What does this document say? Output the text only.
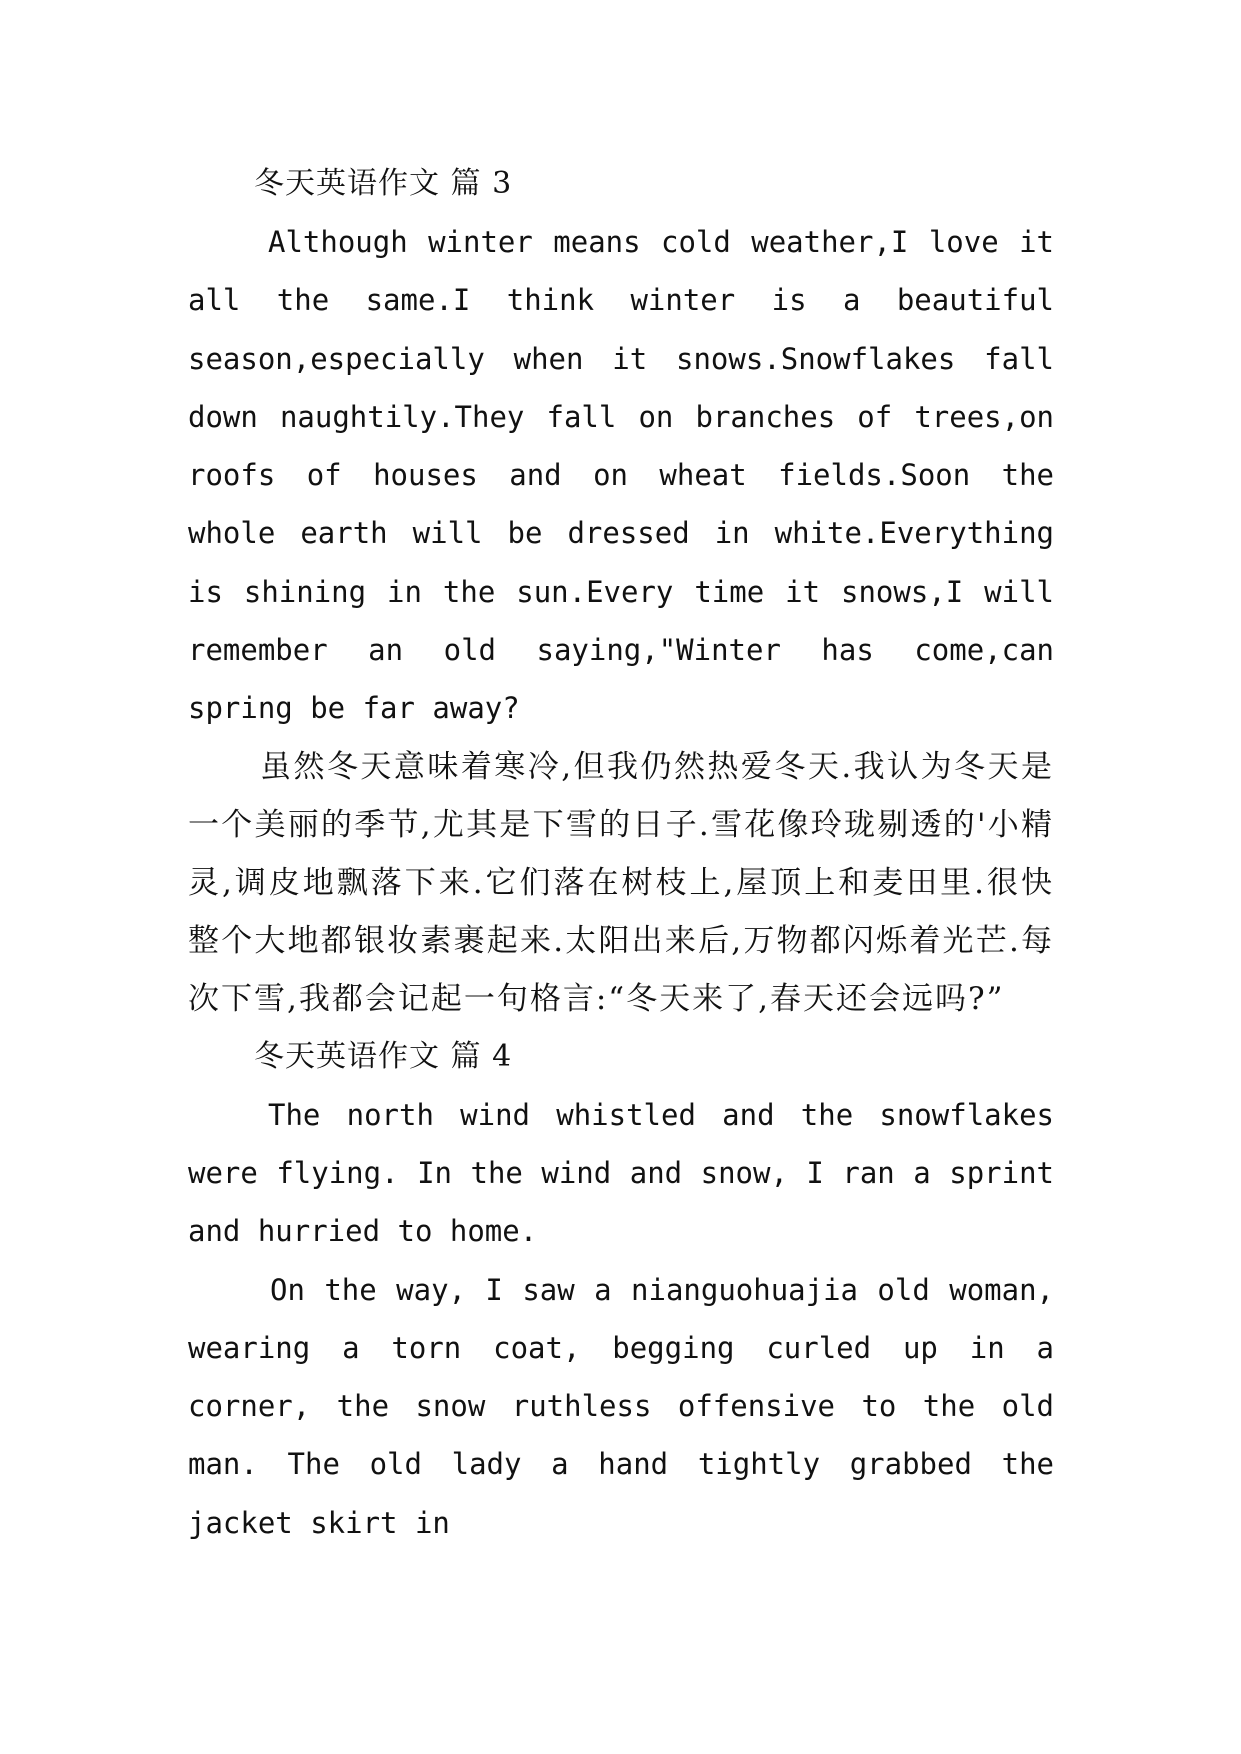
冬天英语作文 篇 3

Although winter means cold weather,I love it all the same.I think winter is a beautiful season,especially when it snows.Snowflakes fall down naughtily.They fall on branches of trees,on roofs of houses and on wheat fields.Soon the whole earth will be dressed in white.Everything is shining in the sun.Every time it snows,I will remember an old saying,"Winter has come,can spring be far away?

虽然冬天意味着寒冷,但我仍然热爱冬天.我认为冬天是一个美丽的季节,尤其是下雪的日子.雪花像玲珑剔透的'小精灵,调皮地飘落下来.它们落在树枝上,屋顶上和麦田里.很快整个大地都银妆素裹起来.太阳出来后,万物都闪烁着光芒.每次下雪,我都会记起一句格言:“冬天来了,春天还会远吗?”

冬天英语作文 篇 4

The north wind whistled and the snowflakes were flying. In the wind and snow, I ran a sprint and hurried to home.

On the way, I saw a nianguohuajia old woman, wearing a torn coat, begging curled up in a corner, the snow ruthless offensive to the old man. The old lady a hand tightly grabbed the jacket skirt in
